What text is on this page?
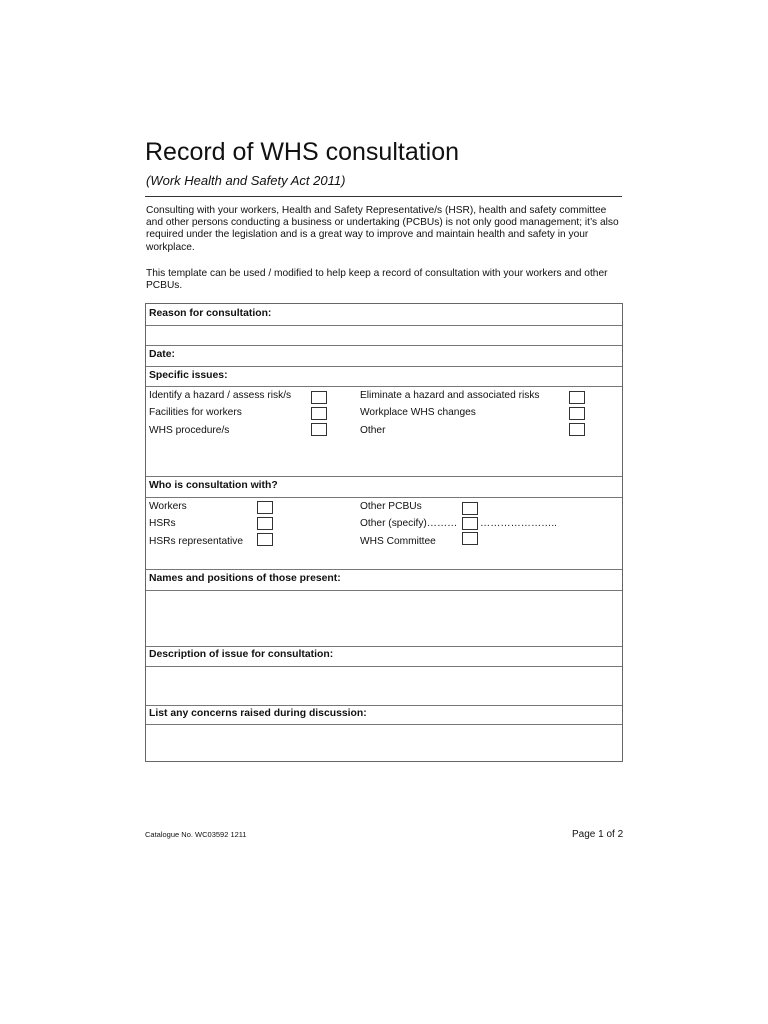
Record of WHS consultation
(Work Health and Safety Act 2011)
Consulting with your workers, Health and Safety Representative/s (HSR), health and safety committee and other persons conducting a business or undertaking (PCBUs) is not only good management; it’s also required under the legislation and is a great way to improve and maintain health and safety in your workplace.
This template can be used / modified to help keep a record of consultation with your workers and other PCBUs.
Reason for consultation:
Date:
Specific issues:
Identify a hazard / assess risk/s
Facilities for workers
WHS procedure/s
Eliminate a hazard and associated risks
Workplace WHS changes
Other
Who is consultation with?
Workers
HSRs
HSRs representative
Other PCBUs
Other (specify)……… …………………..
WHS Committee
Names and positions of those present:
Description of issue for consultation:
List any concerns raised during discussion:
Catalogue No. WC03592 1211	Page 1 of 2
